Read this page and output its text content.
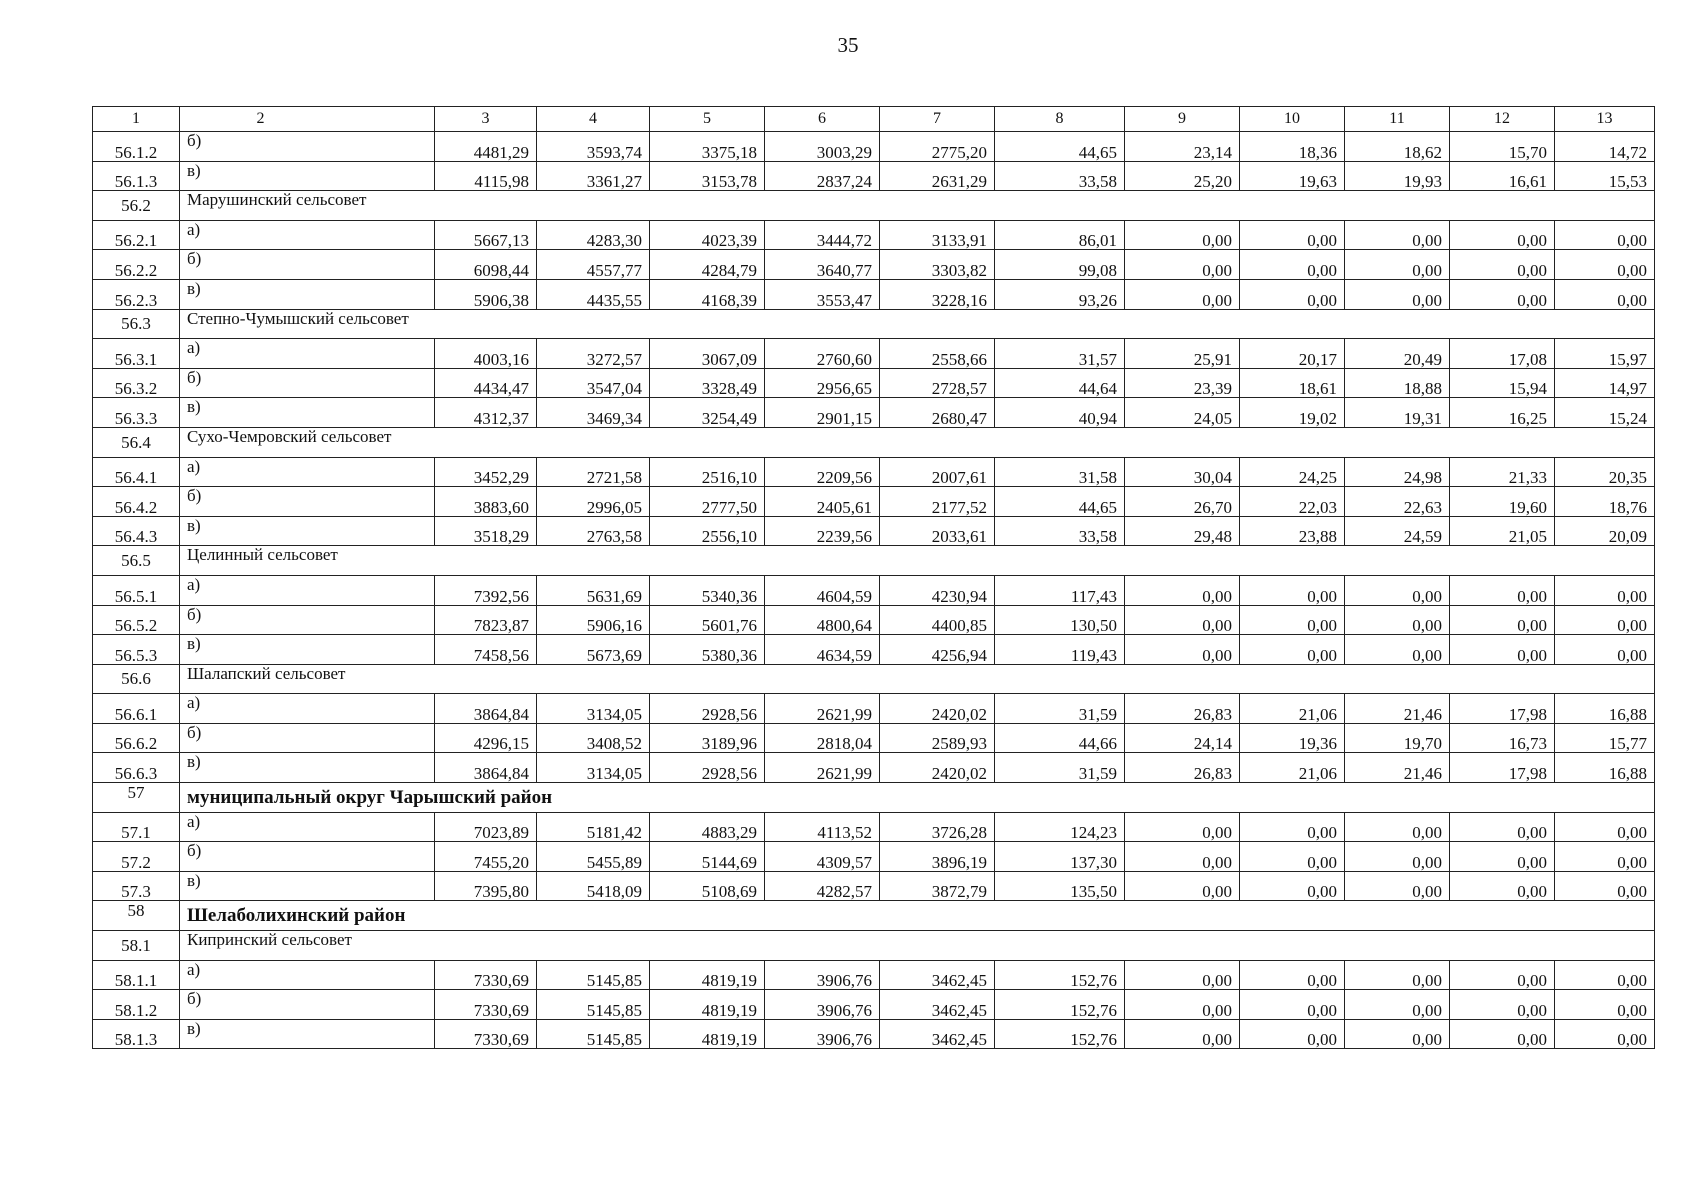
35
1	2	3	4	5	6	7	8	9	10	11	12	13
56.1.2	б)	4481,29	3593,74	3375,18	3003,29	2775,20	44,65	23,14	18,36	18,62	15,70	14,72
56.1.3	в)	4115,98	3361,27	3153,78	2837,24	2631,29	33,58	25,20	19,63	19,93	16,61	15,53
56.2	Марушинский сельсовет											
56.2.1	а)	5667,13	4283,30	4023,39	3444,72	3133,91	86,01	0,00	0,00	0,00	0,00	0,00
56.2.2	б)	6098,44	4557,77	4284,79	3640,77	3303,82	99,08	0,00	0,00	0,00	0,00	0,00
56.2.3	в)	5906,38	4435,55	4168,39	3553,47	3228,16	93,26	0,00	0,00	0,00	0,00	0,00
56.3	Степно-Чумышский сельсовет											
56.3.1	а)	4003,16	3272,57	3067,09	2760,60	2558,66	31,57	25,91	20,17	20,49	17,08	15,97
56.3.2	б)	4434,47	3547,04	3328,49	2956,65	2728,57	44,64	23,39	18,61	18,88	15,94	14,97
56.3.3	в)	4312,37	3469,34	3254,49	2901,15	2680,47	40,94	24,05	19,02	19,31	16,25	15,24
56.4	Сухо-Чемровский сельсовет											
56.4.1	а)	3452,29	2721,58	2516,10	2209,56	2007,61	31,58	30,04	24,25	24,98	21,33	20,35
56.4.2	б)	3883,60	2996,05	2777,50	2405,61	2177,52	44,65	26,70	22,03	22,63	19,60	18,76
56.4.3	в)	3518,29	2763,58	2556,10	2239,56	2033,61	33,58	29,48	23,88	24,59	21,05	20,09
56.5	Целинный сельсовет											
56.5.1	а)	7392,56	5631,69	5340,36	4604,59	4230,94	117,43	0,00	0,00	0,00	0,00	0,00
56.5.2	б)	7823,87	5906,16	5601,76	4800,64	4400,85	130,50	0,00	0,00	0,00	0,00	0,00
56.5.3	в)	7458,56	5673,69	5380,36	4634,59	4256,94	119,43	0,00	0,00	0,00	0,00	0,00
56.6	Шалапский сельсовет											
56.6.1	а)	3864,84	3134,05	2928,56	2621,99	2420,02	31,59	26,83	21,06	21,46	17,98	16,88
56.6.2	б)	4296,15	3408,52	3189,96	2818,04	2589,93	44,66	24,14	19,36	19,70	16,73	15,77
56.6.3	в)	3864,84	3134,05	2928,56	2621,99	2420,02	31,59	26,83	21,06	21,46	17,98	16,88
57	муниципальный округ Чарышский район											
57.1	а)	7023,89	5181,42	4883,29	4113,52	3726,28	124,23	0,00	0,00	0,00	0,00	0,00
57.2	б)	7455,20	5455,89	5144,69	4309,57	3896,19	137,30	0,00	0,00	0,00	0,00	0,00
57.3	в)	7395,80	5418,09	5108,69	4282,57	3872,79	135,50	0,00	0,00	0,00	0,00	0,00
58	Шелаболихинский район											
58.1	Кипринский сельсовет											
58.1.1	а)	7330,69	5145,85	4819,19	3906,76	3462,45	152,76	0,00	0,00	0,00	0,00	0,00
58.1.2	б)	7330,69	5145,85	4819,19	3906,76	3462,45	152,76	0,00	0,00	0,00	0,00	0,00
58.1.3	в)	7330,69	5145,85	4819,19	3906,76	3462,45	152,76	0,00	0,00	0,00	0,00	0,00
